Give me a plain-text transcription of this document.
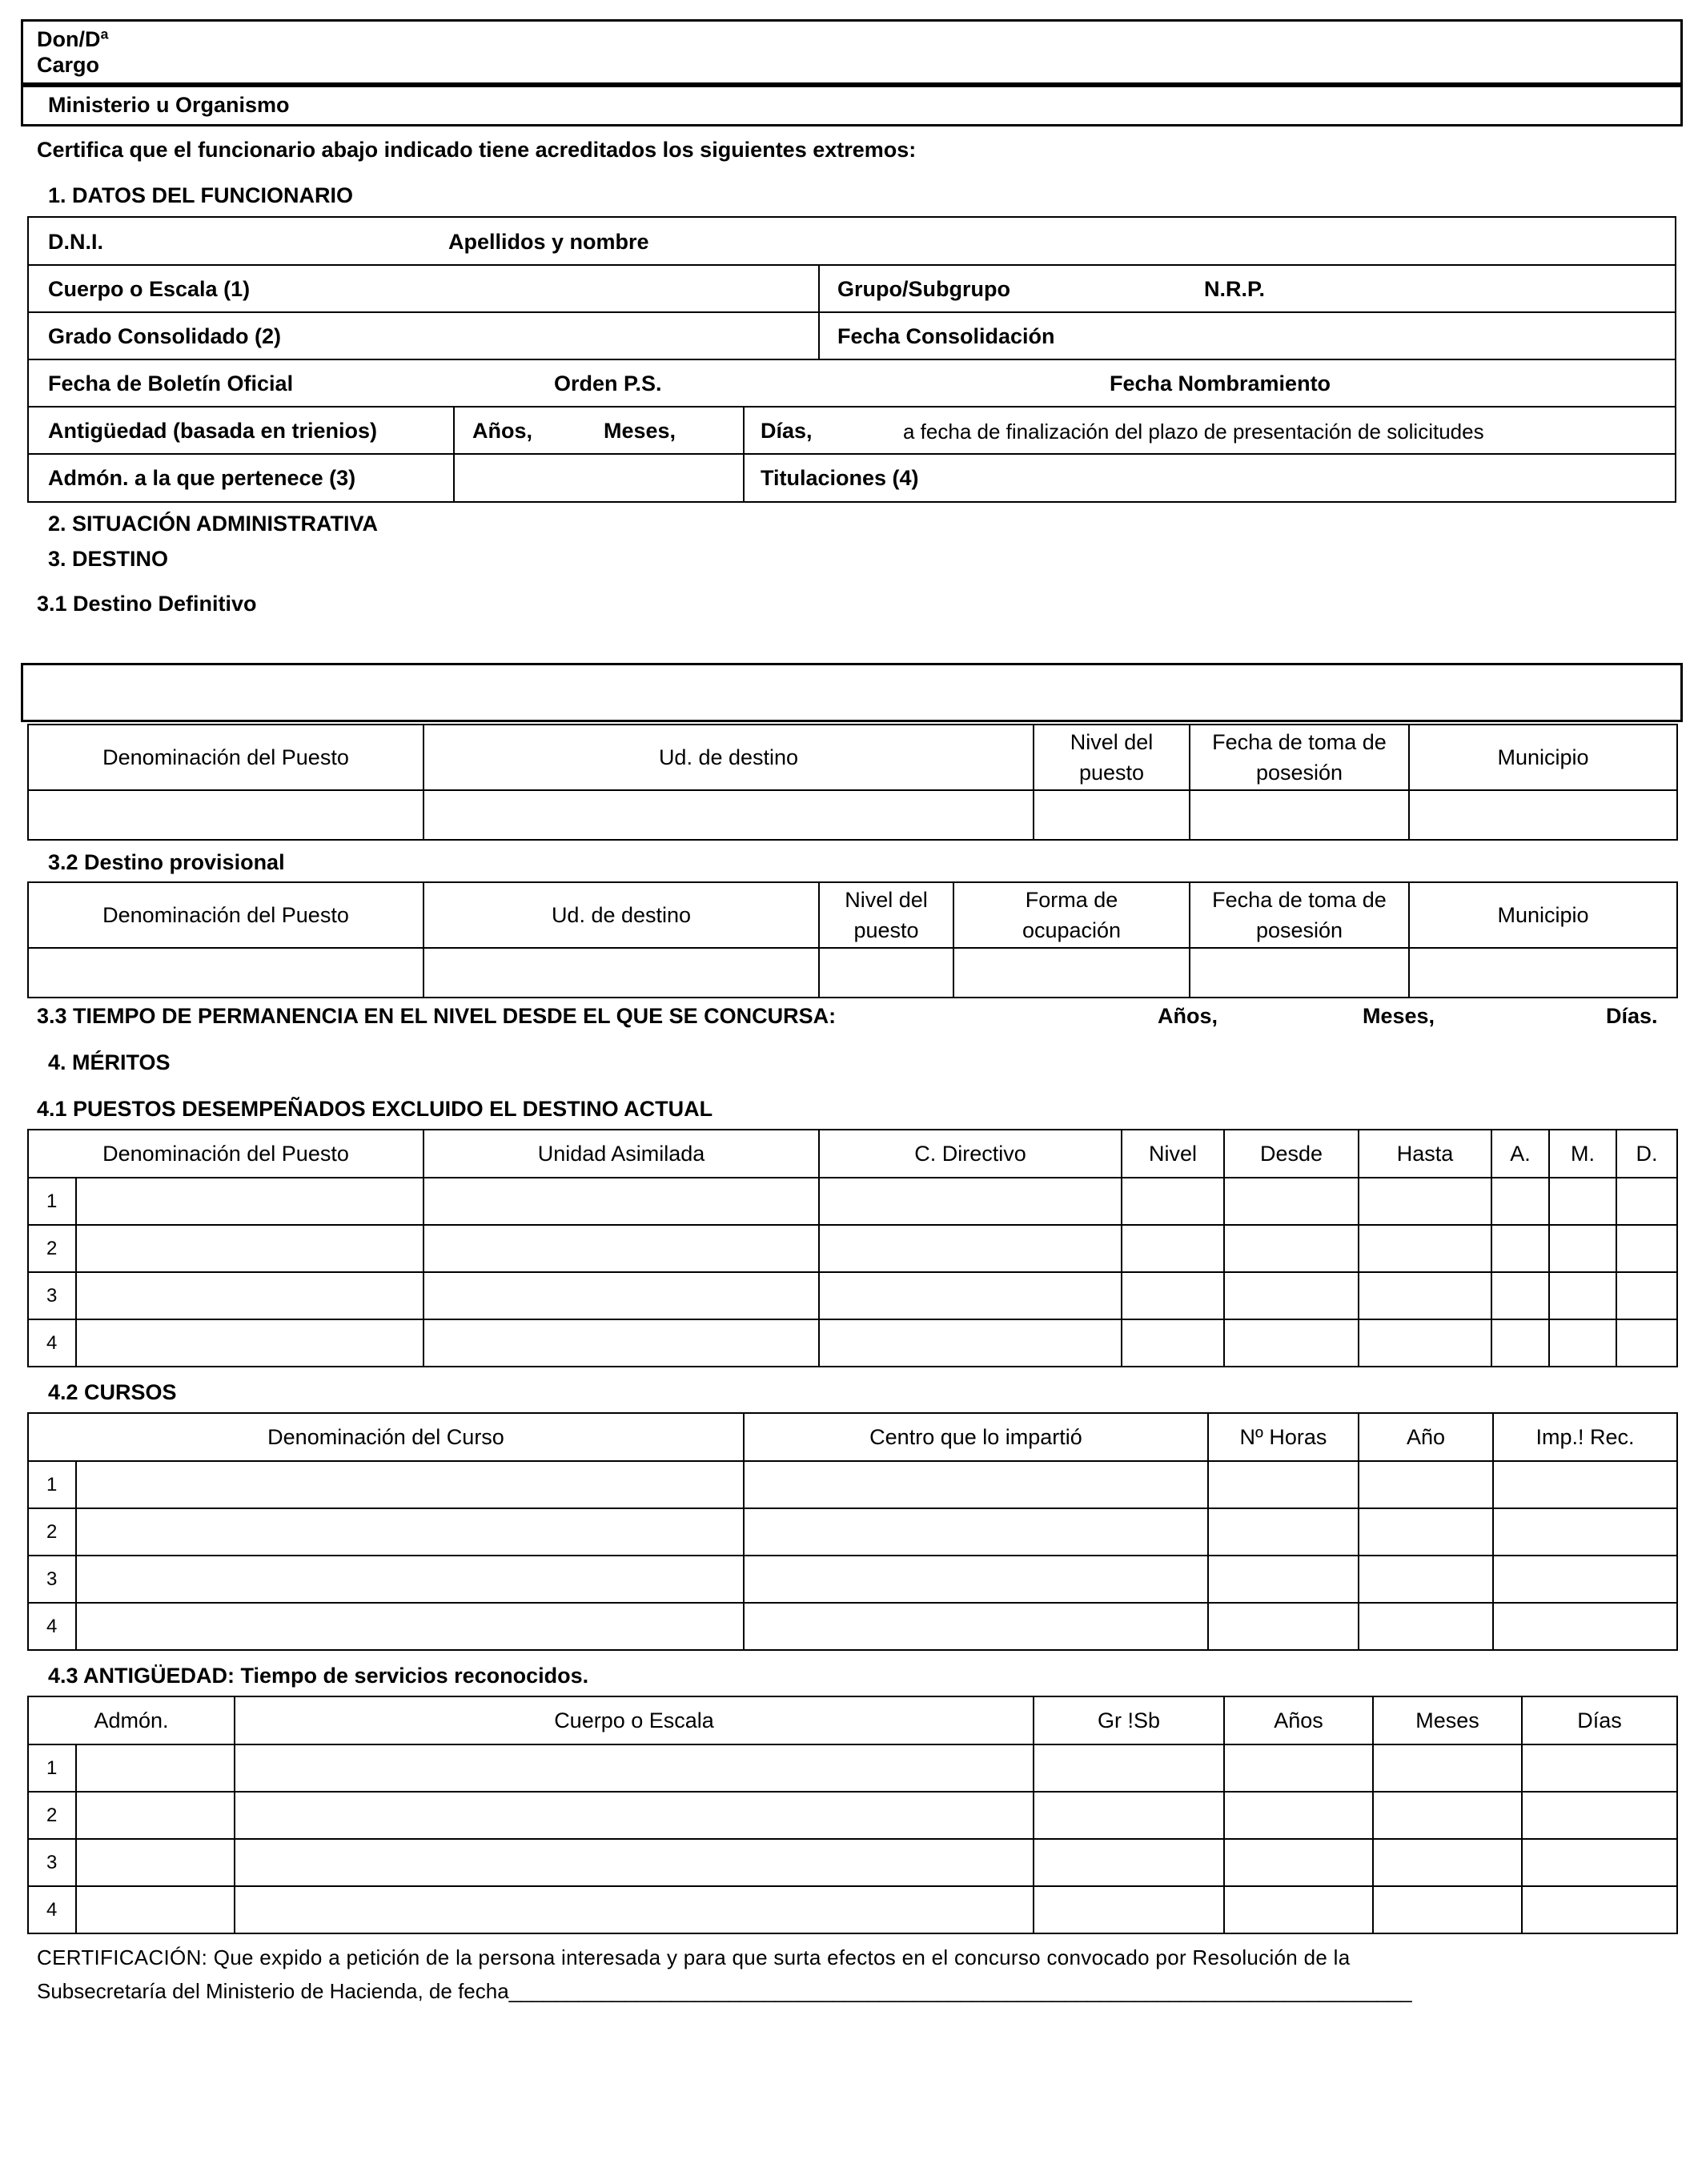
Don/Dª
Cargo
Ministerio u Organismo
Certifica que el funcionario abajo indicado tiene acreditados los siguientes extremos:
1. DATOS DEL FUNCIONARIO
D.N.I.	Apellidos y nombre
Cuerpo o Escala (1)	Grupo/Subgrupo	N.R.P.
Grado Consolidado (2)	Fecha Consolidación
Fecha de Boletín Oficial	Orden P.S.	Fecha Nombramiento
Antigüedad (basada en trienios)	Años,	Meses,	Días,	a fecha de finalización del plazo de presentación de solicitudes
Admón. a la que pertenece (3)	Titulaciones (4)
2. SITUACIÓN ADMINISTRATIVA
3. DESTINO
3.1 Destino Definitivo
Denominación del Puesto	Ud. de destino	Nivel del puesto	Fecha de toma de posesión	Municipio

3.2 Destino provisional
Denominación del Puesto	Ud. de destino	Nivel del puesto	Forma de ocupación	Fecha de toma de posesión	Municipio

3.3 TIEMPO DE PERMANENCIA EN EL NIVEL DESDE EL QUE SE CONCURSA:	Años,	Meses,	Días.
4. MÉRITOS
4.1 PUESTOS DESEMPEÑADOS EXCLUIDO EL DESTINO ACTUAL
Denominación del Puesto		Unidad Asimilada	C. Directivo	Nivel	Desde	Hasta	A.	M.	D.
1									
2									
3									
4									
4.2 CURSOS
Denominación del Curso		Centro que lo impartió	Nº Horas	Año	Imp.! Rec.
1					
2					
3					
4					
4.3 ANTIGÜEDAD: Tiempo de servicios reconocidos.
Admón.		Cuerpo o Escala	Gr !Sb	Años	Meses	Días
1						
2						
3						
4						
CERTIFICACIÓN: Que expido a petición de la persona interesada y para que surta efectos en el concurso convocado por Resolución de la
Subsecretaría del Ministerio de Hacienda, de fecha______________________________________________________________________________
